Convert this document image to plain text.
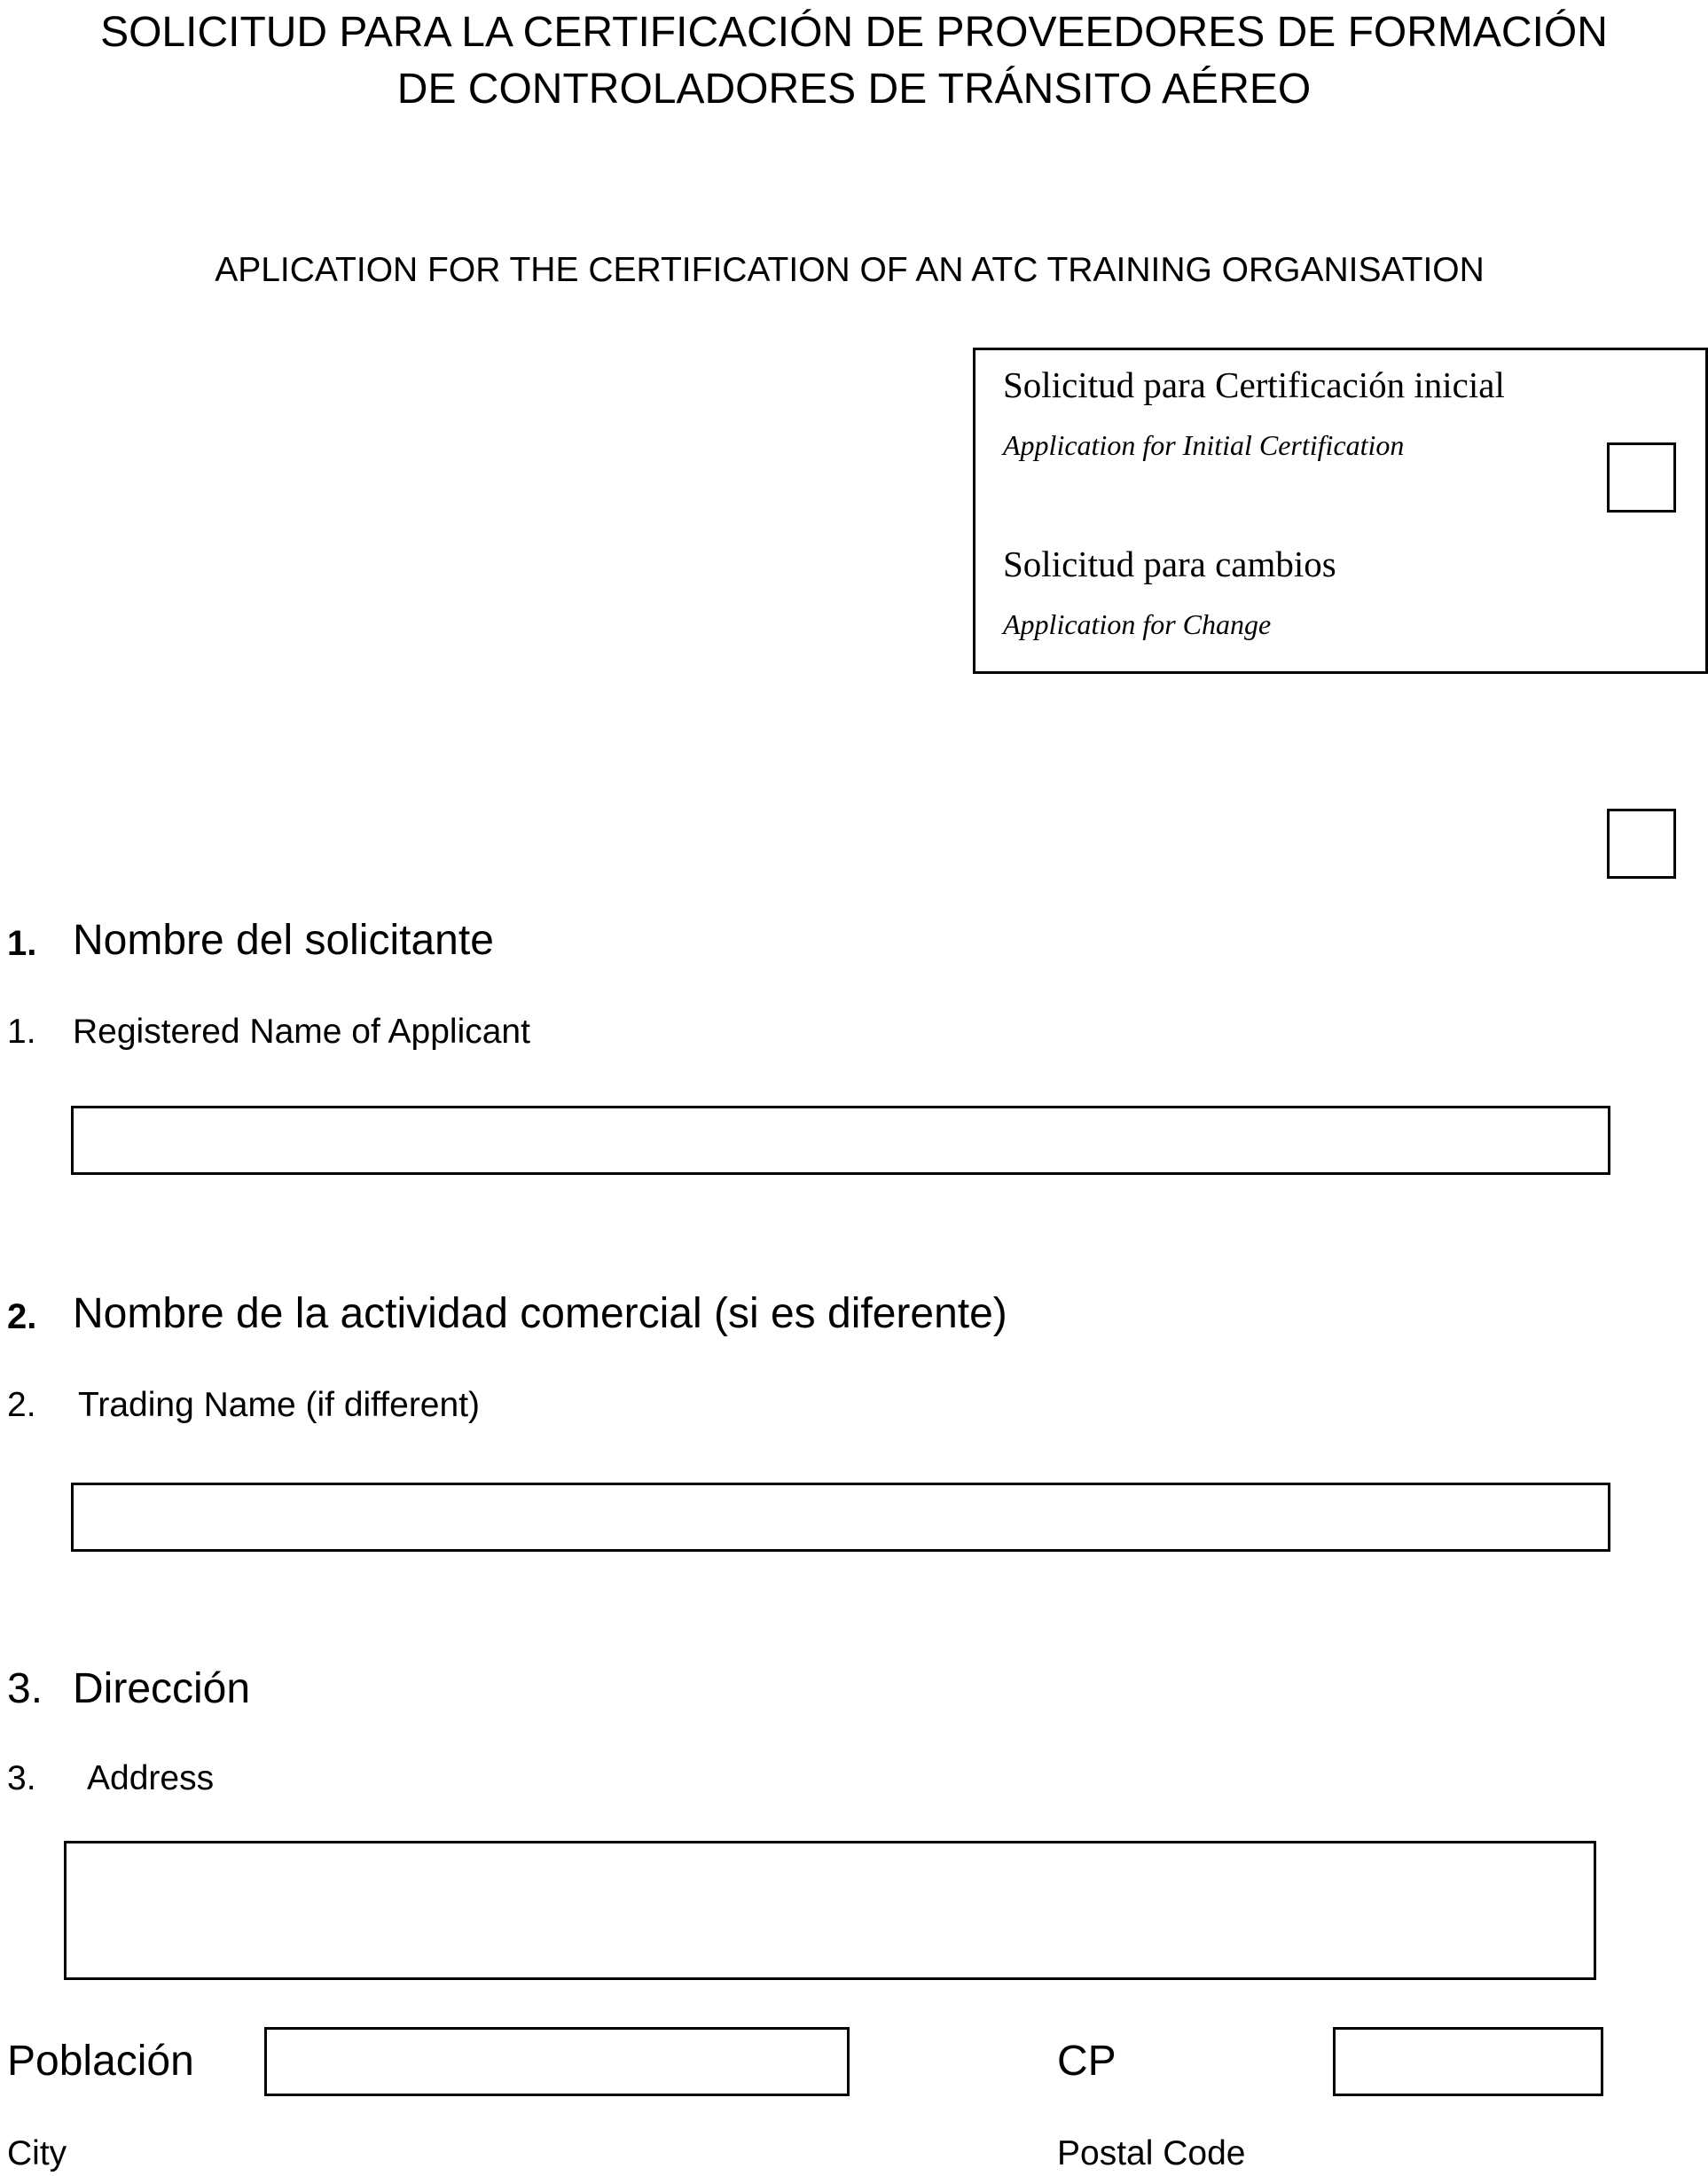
SOLICITUD PARA LA CERTIFICACIÓN DE PROVEEDORES DE FORMACIÓN
DE CONTROLADORES DE TRÁNSITO AÉREO
APLICATION FOR THE CERTIFICATION OF AN ATC TRAINING ORGANISATION
Solicitud para Certificación inicial
Application for Initial Certification
Solicitud para cambios
Application for Change
1. Nombre del solicitante
1. Registered Name of Applicant
2. Nombre de la actividad comercial (si es diferente)
2. Trading Name (if different)
3. Dirección
3. Address
Población
City
CP
Postal Code
